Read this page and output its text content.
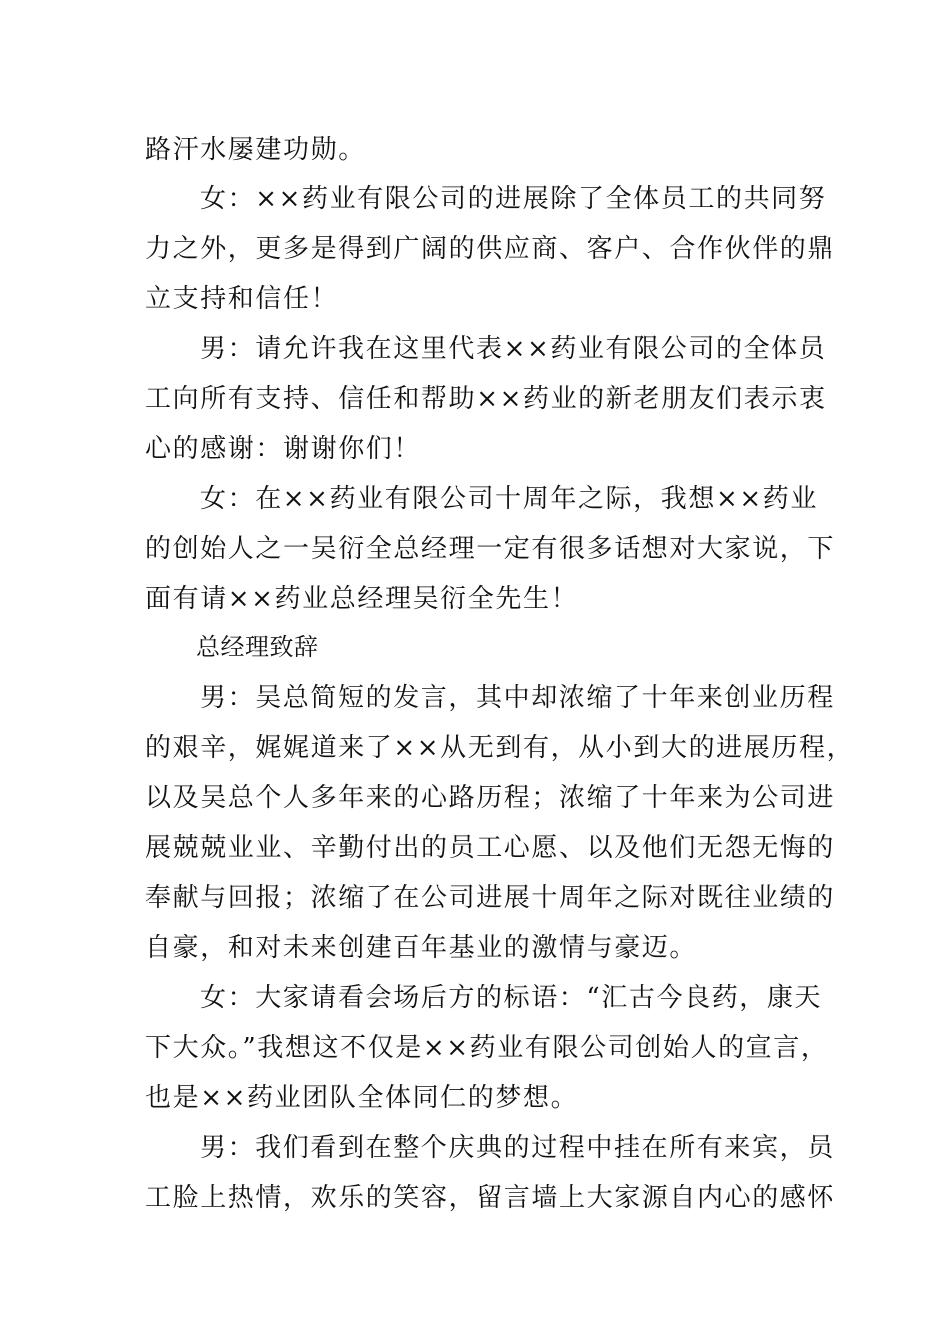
路汗水屡建功勋。
女：××药业有限公司的进展除了全体员工的共同努
力之外，更多是得到广阔的供应商、客户、合作伙伴的鼎
立支持和信任！
男：请允许我在这里代表××药业有限公司的全体员
工向所有支持、信任和帮助××药业的新老朋友们表示衷
心的感谢：谢谢你们！
女：在××药业有限公司十周年之际，我想××药业
的创始人之一吴衍全总经理一定有很多话想对大家说，下
面有请××药业总经理吴衍全先生！
总经理致辞
男：吴总简短的发言，其中却浓缩了十年来创业历程
的艰辛，娓娓道来了××从无到有，从小到大的进展历程，
以及吴总个人多年来的心路历程；浓缩了十年来为公司进
展兢兢业业、辛勤付出的员工心愿、以及他们无怨无悔的
奉献与回报；浓缩了在公司进展十周年之际对既往业绩的
自豪，和对未来创建百年基业的激情与豪迈。
女：大家请看会场后方的标语：“汇古今良药，康天
下大众。”我想这不仅是××药业有限公司创始人的宣言，
也是××药业团队全体同仁的梦想。
男：我们看到在整个庆典的过程中挂在所有来宾，员
工脸上热情，欢乐的笑容，留言墙上大家源自内心的感怀
